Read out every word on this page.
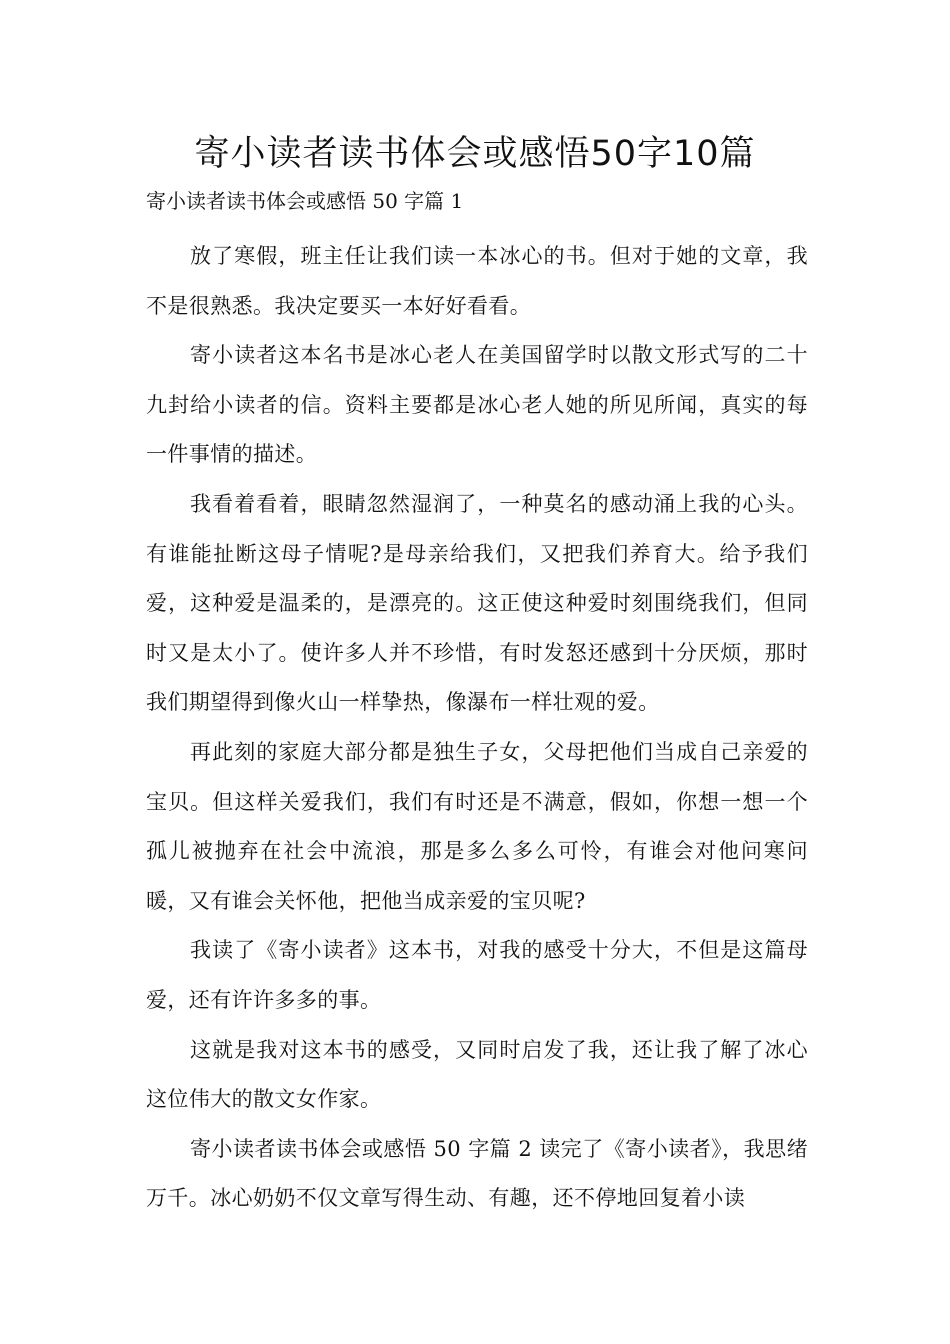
寄小读者读书体会或感悟50字10篇

寄小读者读书体会或感悟 50 字篇 1

放了寒假，班主任让我们读一本冰心的书。但对于她的文章，我不是很熟悉。我决定要买一本好好看看。

寄小读者这本名书是冰心老人在美国留学时以散文形式写的二十九封给小读者的信。资料主要都是冰心老人她的所见所闻，真实的每一件事情的描述。

我看着看着，眼睛忽然湿润了，一种莫名的感动涌上我的心头。有谁能扯断这母子情呢?是母亲给我们，又把我们养育大。给予我们爱，这种爱是温柔的，是漂亮的。这正使这种爱时刻围绕我们，但同时又是太小了。使许多人并不珍惜，有时发怒还感到十分厌烦，那时我们期望得到像火山一样挚热，像瀑布一样壮观的爱。

再此刻的家庭大部分都是独生子女，父母把他们当成自己亲爱的宝贝。但这样关爱我们，我们有时还是不满意，假如，你想一想一个孤儿被抛弃在社会中流浪，那是多么多么可怜，有谁会对他问寒问暖，又有谁会关怀他，把他当成亲爱的宝贝呢?

我读了《寄小读者》这本书，对我的感受十分大，不但是这篇母爱，还有许许多多的事。

这就是我对这本书的感受，又同时启发了我，还让我了解了冰心这位伟大的散文女作家。

寄小读者读书体会或感悟 50 字篇 2 读完了《寄小读者》，我思绪万千。冰心奶奶不仅文章写得生动、有趣，还不停地回复着小读
